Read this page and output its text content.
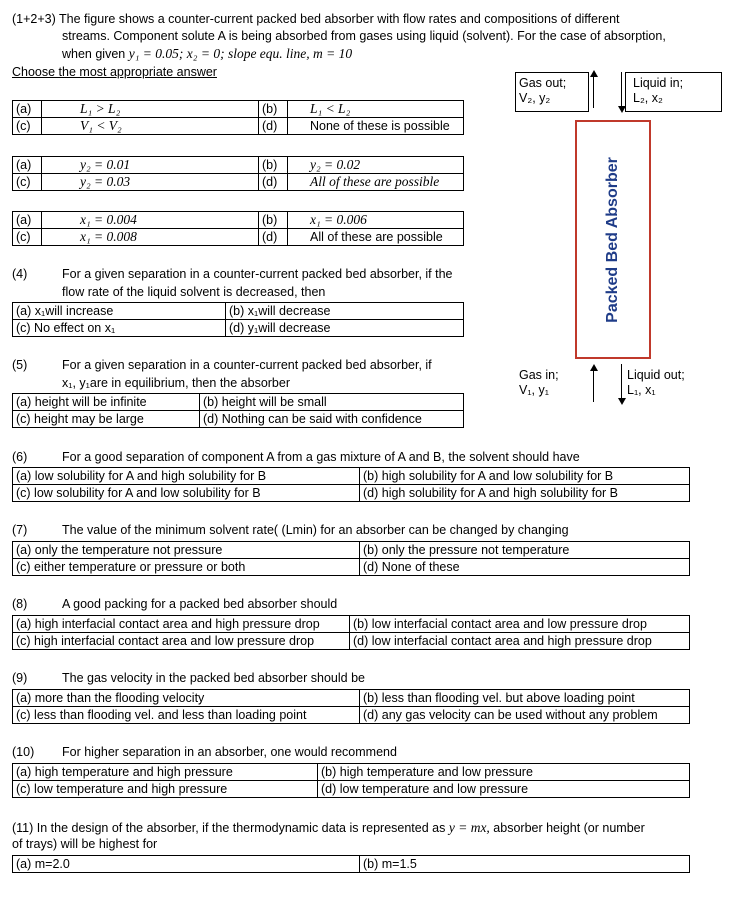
(1+2+3) The figure shows a counter-current packed bed absorber with flow rates and compositions of different
streams. Component solute A is being absorbed from gases using liquid (solvent). For the case of absorption,
when given y₁ = 0.05; x₂ = 0; slope equ. line, m = 10
Choose the most appropriate answer
(a)	L₁ > L₂	(b)	L₁ < L₂
(c)	V₁ < V₂	(d)	None of these is possible
(a)	y₂ = 0.01	(b)	y₂ = 0.02
(c)	y₂ = 0.03	(d)	All of these are possible
(a)	x₁ = 0.004	(b)	x₁ = 0.006
(c)	x₁ = 0.008	(d)	All of these are possible
(4)	For a given separation in a counter-current packed bed absorber, if the
flow rate of the liquid solvent is decreased, then
(a) x₁will increase	(b) x₁will decrease
(c) No effect on x₁	(d) y₁will decrease
(5)	For a given separation in a counter-current packed bed absorber, if
x₁, y₁are in equilibrium, then the absorber
(a) height will be infinite	(b) height will be small
(c) height may be large	(d) Nothing can be said with confidence
Gas out;
V₂, y₂
Liquid in;
L₂, x₂
Packed Bed Absorber
Gas in;
V₁, y₁
Liquid out;
L₁, x₁
(6)	For a good separation of component A from a gas mixture of A and B, the solvent should have
(a) low solubility for A and high solubility for B	(b) high solubility for A and low solubility for B
(c) low solubility for A and low solubility for B	(d) high solubility for A and high solubility for B
(7)	The value of the minimum solvent rate( (Lmin) for an absorber can be changed by changing
(a) only the temperature not pressure	(b) only the pressure not temperature
(c) either temperature or pressure or both	(d) None of these
(8)	A good packing for a packed bed absorber should
(a) high interfacial contact area and high pressure drop	(b) low interfacial contact area and low pressure drop
(c) high interfacial contact area and low pressure drop	(d) low interfacial contact area and high pressure drop
(9)	The gas velocity in the packed bed absorber should be
(a) more than the flooding velocity	(b) less than flooding vel. but above loading point
(c) less than flooding vel. and less than loading point	(d) any gas velocity can be used without any problem
(10) For higher separation in an absorber, one would recommend
(a) high temperature and high pressure	(b) high temperature and low pressure
(c) low temperature and high pressure	(d) low temperature and low pressure
(11) In the design of the absorber, if the thermodynamic data is represented as y = mx, absorber height (or number
of trays) will be highest for
(a) m=2.0	(b) m=1.5
